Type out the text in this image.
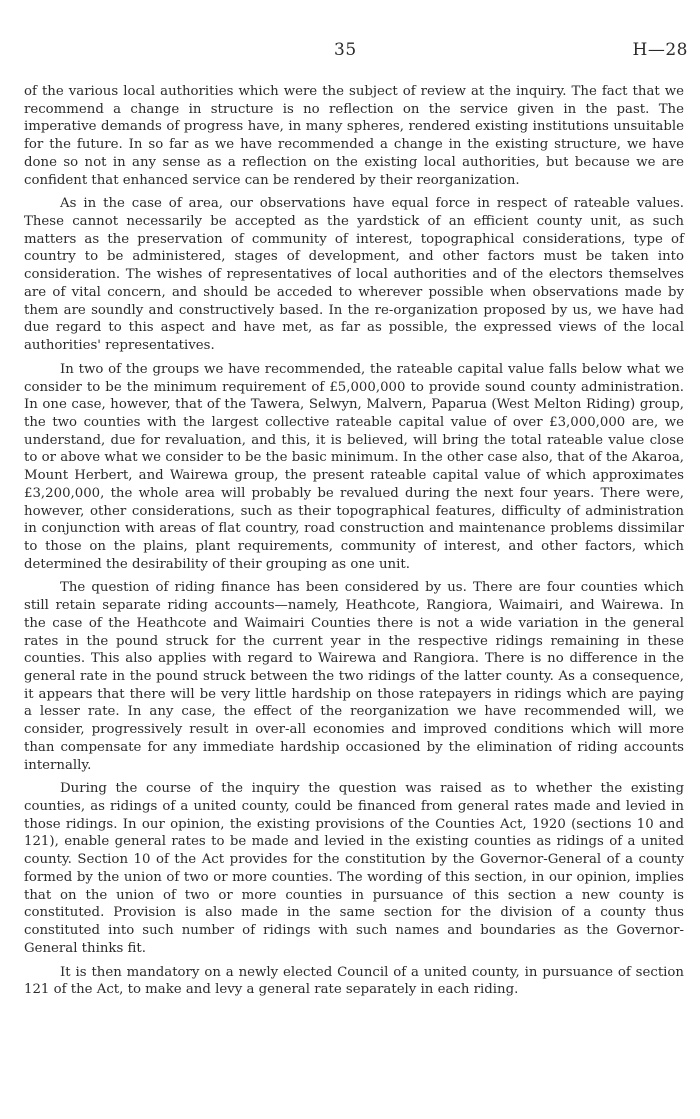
35	H—28

of the various local authorities which were the subject of review at the inquiry. The fact that we recommend a change in structure is no reflection on the service given in the past. The imperative demands of progress have, in many spheres, rendered existing institutions unsuitable for the future. In so far as we have recommended a change in the existing structure, we have done so not in any sense as a reflection on the existing local authorities, but because we are confident that enhanced service can be rendered by their reorganization.

As in the case of area, our observations have equal force in respect of rateable values. These cannot necessarily be accepted as the yardstick of an efficient county unit, as such matters as the preservation of community of interest, topographical considerations, type of country to be administered, stages of development, and other factors must be taken into consideration. The wishes of representatives of local authorities and of the electors themselves are of vital concern, and should be acceded to wherever possible when observations made by them are soundly and constructively based. In the re-organization proposed by us, we have had due regard to this aspect and have met, as far as possible, the expressed views of the local authorities' representatives.

In two of the groups we have recommended, the rateable capital value falls below what we consider to be the minimum requirement of £5,000,000 to provide sound county administration. In one case, however, that of the Tawera, Selwyn, Malvern, Paparua (West Melton Riding) group, the two counties with the largest collective rateable capital value of over £3,000,000 are, we understand, due for revaluation, and this, it is believed, will bring the total rateable value close to or above what we consider to be the basic minimum. In the other case also, that of the Akaroa, Mount Herbert, and Wairewa group, the present rateable capital value of which approximates £3,200,000, the whole area will probably be revalued during the next four years. There were, however, other considerations, such as their topographical features, difficulty of administration in conjunction with areas of flat country, road construction and maintenance problems dissimilar to those on the plains, plant requirements, community of interest, and other factors, which determined the desirability of their grouping as one unit.

The question of riding finance has been considered by us. There are four counties which still retain separate riding accounts—namely, Heathcote, Rangiora, Waimairi, and Wairewa. In the case of the Heathcote and Waimairi Counties there is not a wide variation in the general rates in the pound struck for the current year in the respective ridings remaining in these counties. This also applies with regard to Wairewa and Rangiora. There is no difference in the general rate in the pound struck between the two ridings of the latter county. As a consequence, it appears that there will be very little hardship on those ratepayers in ridings which are paying a lesser rate. In any case, the effect of the reorganization we have recommended will, we consider, progressively result in over-all economies and improved conditions which will more than compensate for any immediate hardship occasioned by the elimination of riding accounts internally.

During the course of the inquiry the question was raised as to whether the existing counties, as ridings of a united county, could be financed from general rates made and levied in those ridings. In our opinion, the existing provisions of the Counties Act, 1920 (sections 10 and 121), enable general rates to be made and levied in the existing counties as ridings of a united county. Section 10 of the Act provides for the constitution by the Governor-General of a county formed by the union of two or more counties. The wording of this section, in our opinion, implies that on the union of two or more counties in pursuance of this section a new county is constituted. Provision is also made in the same section for the division of a county thus constituted into such number of ridings with such names and boundaries as the Governor-General thinks fit.

It is then mandatory on a newly elected Council of a united county, in pursuance of section 121 of the Act, to make and levy a general rate separately in each riding.
